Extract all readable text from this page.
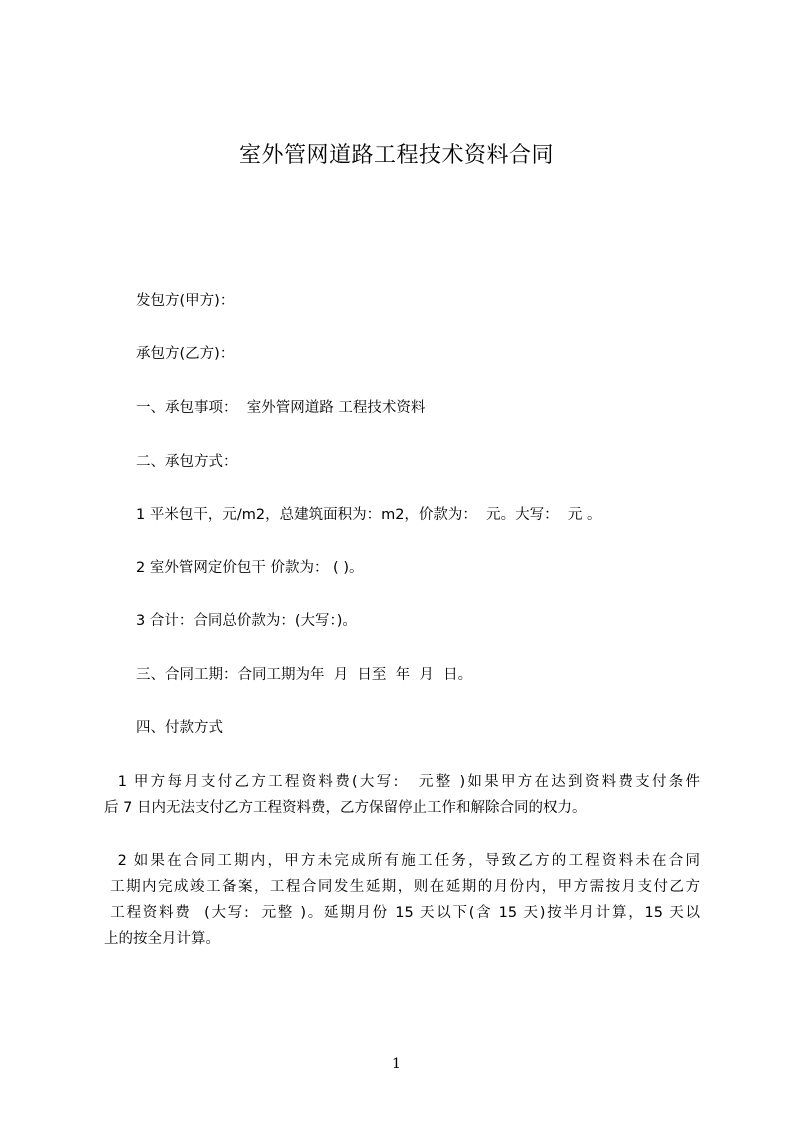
室外管网道路工程技术资料合同
发包方(甲方)：
承包方(乙方)：
一、承包事项：  室外管网道路 工程技术资料
二、承包方式：
1 平米包干，元/m2，总建筑面积为：m2，价款为：  元。大写：  元 。
2 室外管网定价包干 价款为： ( )。
3 合计：合同总价款为：(大写：)。
三、合同工期：合同工期为年  月  日至  年  月  日。
四、付款方式
1 甲方每月支付乙方工程资料费(大写:   元整 )如果甲方在达到资料费支付条件
后 7 日内无法支付乙方工程资料费，乙方保留停止工作和解除合同的权力。
2 如果在合同工期内，甲方未完成所有施工任务，导致乙方的工程资料未在合同
工期内完成竣工备案，工程合同发生延期，则在延期的月份内，甲方需按月支付乙方
工程资料费  (大写:  元整 )。延期月份 15 天以下(含 15 天)按半月计算，15 天以
上的按全月计算。
1
